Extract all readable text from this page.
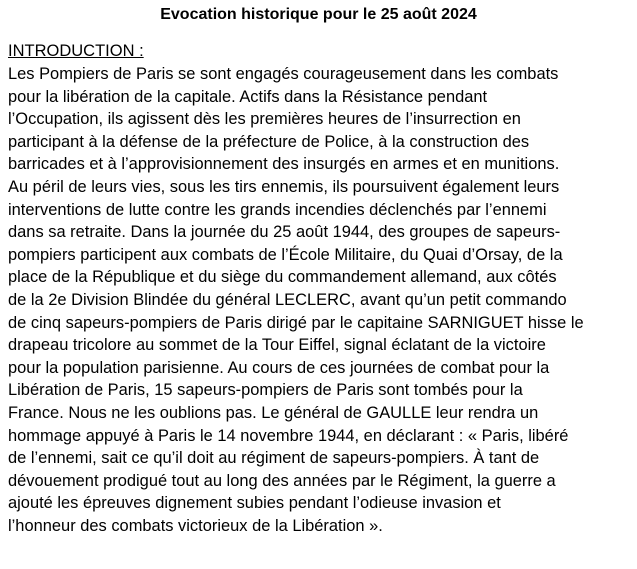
Evocation historique pour le 25 août 2024
INTRODUCTION :
Les Pompiers de Paris se sont engagés courageusement dans les combats
pour la libération de la capitale. Actifs dans la Résistance pendant
l’Occupation, ils agissent dès les premières heures de l’insurrection en
participant à la défense de la préfecture de Police, à la construction des
barricades et à l’approvisionnement des insurgés en armes et en munitions.
Au péril de leurs vies, sous les tirs ennemis, ils poursuivent également leurs
interventions de lutte contre les grands incendies déclenchés par l’ennemi
dans sa retraite. Dans la journée du 25 août 1944, des groupes de sapeurs-
pompiers participent aux combats de l’École Militaire, du Quai d’Orsay, de la
place de la République et du siège du commandement allemand, aux côtés
de la 2e Division Blindée du général LECLERC, avant qu’un petit commando
de cinq sapeurs-pompiers de Paris dirigé par le capitaine SARNIGUET hisse le
drapeau tricolore au sommet de la Tour Eiffel, signal éclatant de la victoire
pour la population parisienne. Au cours de ces journées de combat pour la
Libération de Paris, 15 sapeurs-pompiers de Paris sont tombés pour la
France. Nous ne les oublions pas. Le général de GAULLE leur rendra un
hommage appuyé à Paris le 14 novembre 1944, en déclarant : « Paris, libéré
de l’ennemi, sait ce qu’il doit au régiment de sapeurs-pompiers. À tant de
dévouement prodigué tout au long des années par le Régiment, la guerre a
ajouté les épreuves dignement subies pendant l’odieuse invasion et
l’honneur des combats victorieux de la Libération ».
